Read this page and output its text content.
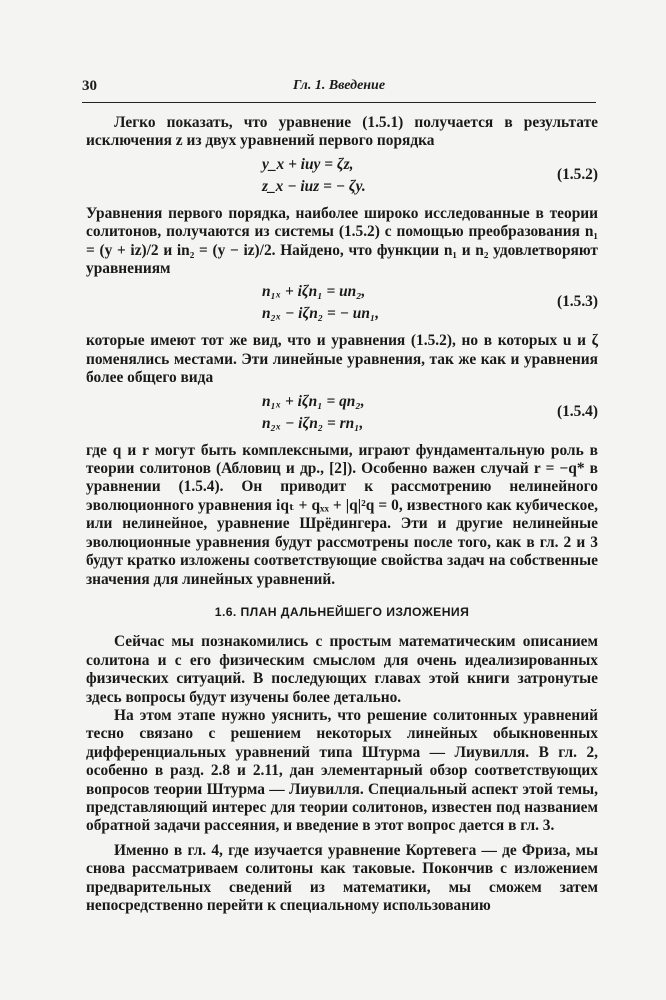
30	Гл. 1. Введение

Легко показать, что уравнение (1.5.1) получается в результате исключения z из двух уравнений первого порядка

y_x + iuy = ζz,
z_x − iuz = − ζy.
(1.5.2)

Уравнения первого порядка, наиболее широко исследованные в теории солитонов, получаются из системы (1.5.2) с помощью преобразования n₁ = (y + iz)/2 и in₂ = (y − iz)/2. Найдено, что функции n₁ и n₂ удовлетворяют уравнениям

n₁ₓ + iζn₁ = un₂,
n₂ₓ − iζn₂ = − un₁,
(1.5.3)

которые имеют тот же вид, что и уравнения (1.5.2), но в которых u и ζ поменялись местами. Эти линейные уравнения, так же как и уравнения более общего вида

n₁ₓ + iζn₁ = qn₂,
n₂ₓ − iζn₂ = rn₁,
(1.5.4)

где q и r могут быть комплексными, играют фундаментальную роль в теории солитонов (Абловиц и др., [2]). Особенно важен случай r = −q* в уравнении (1.5.4). Он приводит к рассмотрению нелинейного эволюционного уравнения iqₜ + qₓₓ + |q|²q = 0, известного как кубическое, или нелинейное, уравнение Шрёдингера. Эти и другие нелинейные эволюционные уравнения будут рассмотрены после того, как в гл. 2 и 3 будут кратко изложены соответствующие свойства задач на собственные значения для линейных уравнений.

1.6. ПЛАН ДАЛЬНЕЙШЕГО ИЗЛОЖЕНИЯ

Сейчас мы познакомились с простым математическим описанием солитона и с его физическим смыслом для очень идеализированных физических ситуаций. В последующих главах этой книги затронутые здесь вопросы будут изучены более детально.

На этом этапе нужно уяснить, что решение солитонных уравнений тесно связано с решением некоторых линейных обыкновенных дифференциальных уравнений типа Штурма — Лиувилля. В гл. 2, особенно в разд. 2.8 и 2.11, дан элементарный обзор соответствующих вопросов теории Штурма — Лиувилля. Специальный аспект этой темы, представляющий интерес для теории солитонов, известен под названием обратной задачи рассеяния, и введение в этот вопрос дается в гл. 3.

Именно в гл. 4, где изучается уравнение Кортевега — де Фриза, мы снова рассматриваем солитоны как таковые. Покончив с изложением предварительных сведений из математики, мы сможем затем непосредственно перейти к специальному использованию
